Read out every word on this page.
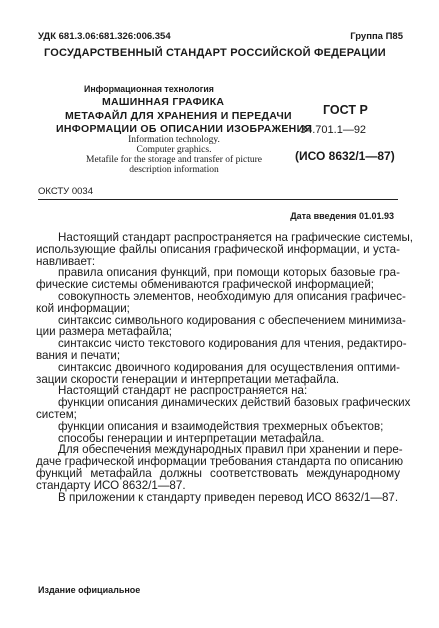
УДК 681.3.06:681.326:006.354	Группа П85
ГОСУДАРСТВЕННЫЙ СТАНДАРТ РОССИЙСКОЙ ФЕДЕРАЦИИ
Информационная технология
МАШИННАЯ ГРАФИКА
МЕТАФАЙЛ ДЛЯ ХРАНЕНИЯ И ПЕРЕДАЧИ
ИНФОРМАЦИИ ОБ ОПИСАНИИ ИЗОБРАЖЕНИЯ
Information technology.
Computer graphics.
Metafile for the storage and transfer of picture
description information
ГОСТ Р
34.701.1—92
(ИСО 8632/1—87)
ОКСТУ 0034
Дата введения 01.01.93
Настоящий стандарт распространяется на графические системы,
использующие файлы описания графической информации, и уста-
навливает:
правила описания функций, при помощи которых базовые гра-
фические системы обмениваются графической информацией;
совокупность элементов, необходимую для описания графичес-
кой информации;
синтаксис символьного кодирования с обеспечением минимиза-
ции размера метафайла;
синтаксис чисто текстового кодирования для чтения, редактиро-
вания и печати;
синтаксис двоичного кодирования для осуществления оптими-
зации скорости генерации и интерпретации метафайла.
Настоящий стандарт не распространяется на:
функции описания динамических действий базовых графических
систем;
функции описания и взаимодействия трехмерных объектов;
способы генерации и интерпретации метафайла.
Для обеспечения международных правил при хранении и пере-
даче графической информации требования стандарта по описанию
функций метафайла должны соответствовать международному
стандарту ИСО 8632/1—87.
В приложении к стандарту приведен перевод ИСО 8632/1—87.
Издание официальное
